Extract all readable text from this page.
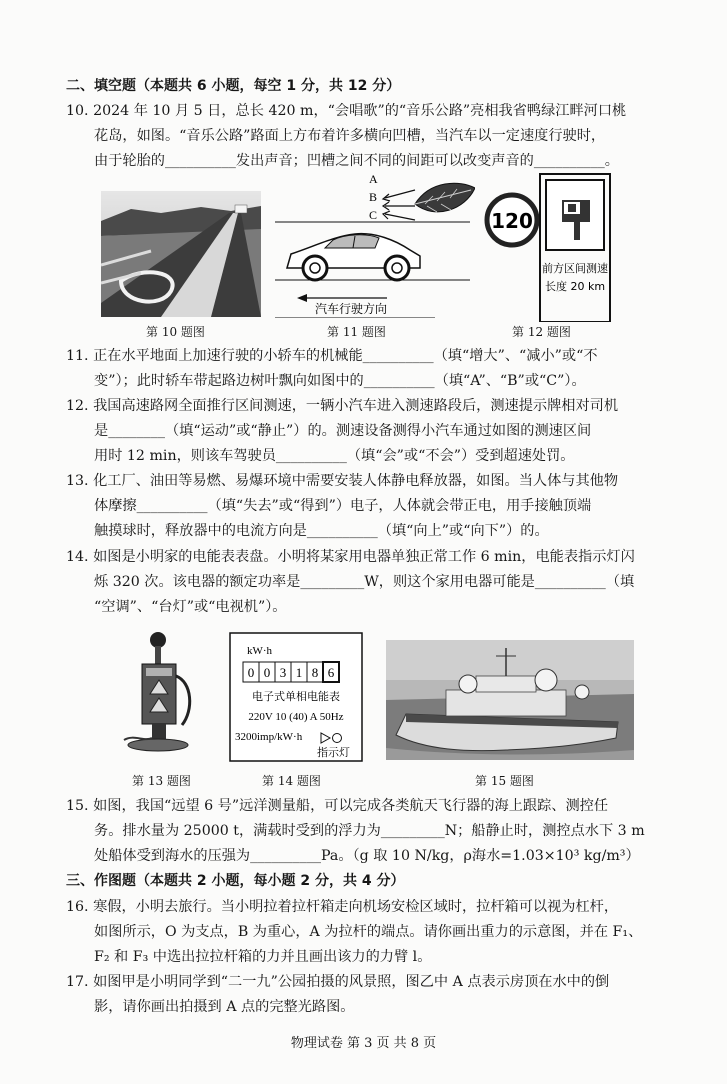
二、填空题（本题共 6 小题，每空 1 分，共 12 分）
10. 2024 年 10 月 5 日，总长 420 m，“会唱歌”的“音乐公路”亮相我省鸭绿江畔河口桃
花岛，如图。“音乐公路”路面上方布着许多横向凹槽，当汽车以一定速度行驶时，
由于轮胎的__________发出声音；凹槽之间不同的间距可以改变声音的__________。
第 10 题图
A
B
C
汽车行驶方向
第 11 题图
120
前方区间测速
长度 20 km
第 12 题图
11. 正在水平地面上加速行驶的小轿车的机械能__________（填“增大”、“减小”或“不
变”）；此时轿车带起路边树叶飘向如图中的__________（填“A”、“B”或“C”）。
12. 我国高速路网全面推行区间测速，一辆小汽车进入测速路段后，测速提示牌相对司机
是________（填“运动”或“静止”）的。测速设备测得小汽车通过如图的测速区间
用时 12 min，则该车驾驶员__________（填“会”或“不会”）受到超速处罚。
13. 化工厂、油田等易燃、易爆环境中需要安装人体静电释放器，如图。当人体与其他物
体摩擦__________（填“失去”或“得到”）电子，人体就会带正电，用手接触顶端
触摸球时，释放器中的电流方向是__________（填“向上”或“向下”）的。
14. 如图是小明家的电能表表盘。小明将某家用电器单独正常工作 6 min，电能表指示灯闪
烁 320 次。该电器的额定功率是_________W，则这个家用电器可能是__________（填
“空调”、“台灯”或“电视机”）。
第 13 题图
kW·h
0 0 3 1 8 6
电子式单相电能表
220V 10 (40) A 50Hz
3200imp/kW·h
指示灯
第 14 题图	第 15 题图
15. 如图，我国“远望 6 号”远洋测量船，可以完成各类航天飞行器的海上跟踪、测控任
务。排水量为 25000 t，满载时受到的浮力为_________N；船静止时，测控点水下 3 m
处船体受到海水的压强为__________Pa。（g 取 10 N/kg，ρ海水=1.03×10³ kg/m³）
三、作图题（本题共 2 小题，每小题 2 分，共 4 分）
16. 寒假，小明去旅行。当小明拉着拉杆箱走向机场安检区域时，拉杆箱可以视为杠杆，
如图所示，O 为支点，B 为重心，A 为拉杆的端点。请你画出重力的示意图，并在 F₁、
F₂ 和 F₃ 中选出拉拉杆箱的力并且画出该力的力臂 l。
17. 如图甲是小明同学到“二一九”公园拍摄的风景照，图乙中 A 点表示房顶在水中的倒
影，请你画出拍摄到 A 点的完整光路图。
物理试卷 第 3 页 共 8 页
